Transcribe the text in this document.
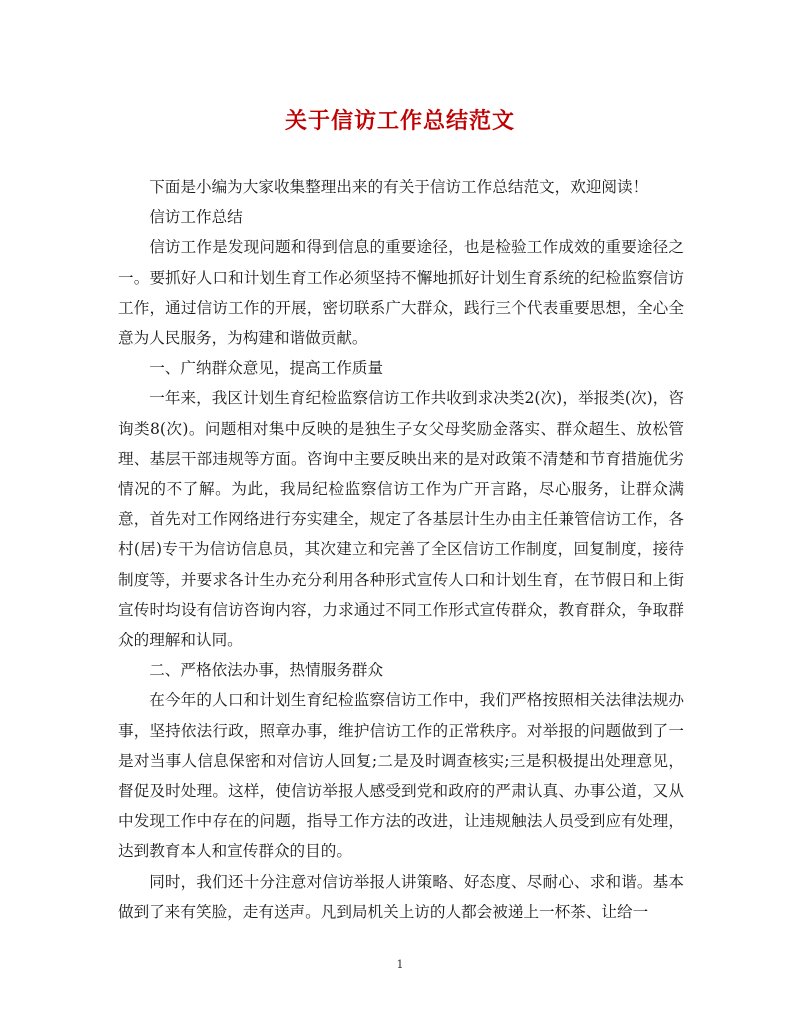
关于信访工作总结范文

下面是小编为大家收集整理出来的有关于信访工作总结范文，欢迎阅读！

信访工作总结

信访工作是发现问题和得到信息的重要途径，也是检验工作成效的重要途径之一。要抓好人口和计划生育工作必须坚持不懈地抓好计划生育系统的纪检监察信访工作，通过信访工作的开展，密切联系广大群众，践行三个代表重要思想，全心全意为人民服务，为构建和谐做贡献。

一、广纳群众意见，提高工作质量

一年来，我区计划生育纪检监察信访工作共收到求决类2(次)，举报类(次)，咨询类8(次)。问题相对集中反映的是独生子女父母奖励金落实、群众超生、放松管理、基层干部违规等方面。咨询中主要反映出来的是对政策不清楚和节育措施优劣情况的不了解。为此，我局纪检监察信访工作为广开言路，尽心服务，让群众满意，首先对工作网络进行夯实建全，规定了各基层计生办由主任兼管信访工作，各村(居)专干为信访信息员，其次建立和完善了全区信访工作制度，回复制度，接待制度等，并要求各计生办充分利用各种形式宣传人口和计划生育，在节假日和上街宣传时均设有信访咨询内容，力求通过不同工作形式宣传群众，教育群众，争取群众的理解和认同。

二、严格依法办事，热情服务群众

在今年的人口和计划生育纪检监察信访工作中，我们严格按照相关法律法规办事，坚持依法行政，照章办事，维护信访工作的正常秩序。对举报的问题做到了一是对当事人信息保密和对信访人回复;二是及时调查核实;三是积极提出处理意见，督促及时处理。这样，使信访举报人感受到党和政府的严肃认真、办事公道，又从中发现工作中存在的问题，指导工作方法的改进，让违规触法人员受到应有处理，达到教育本人和宣传群众的目的。

同时，我们还十分注意对信访举报人讲策略、好态度、尽耐心、求和谐。基本做到了来有笑脸，走有送声。凡到局机关上访的人都会被递上一杯茶、让给一

1
